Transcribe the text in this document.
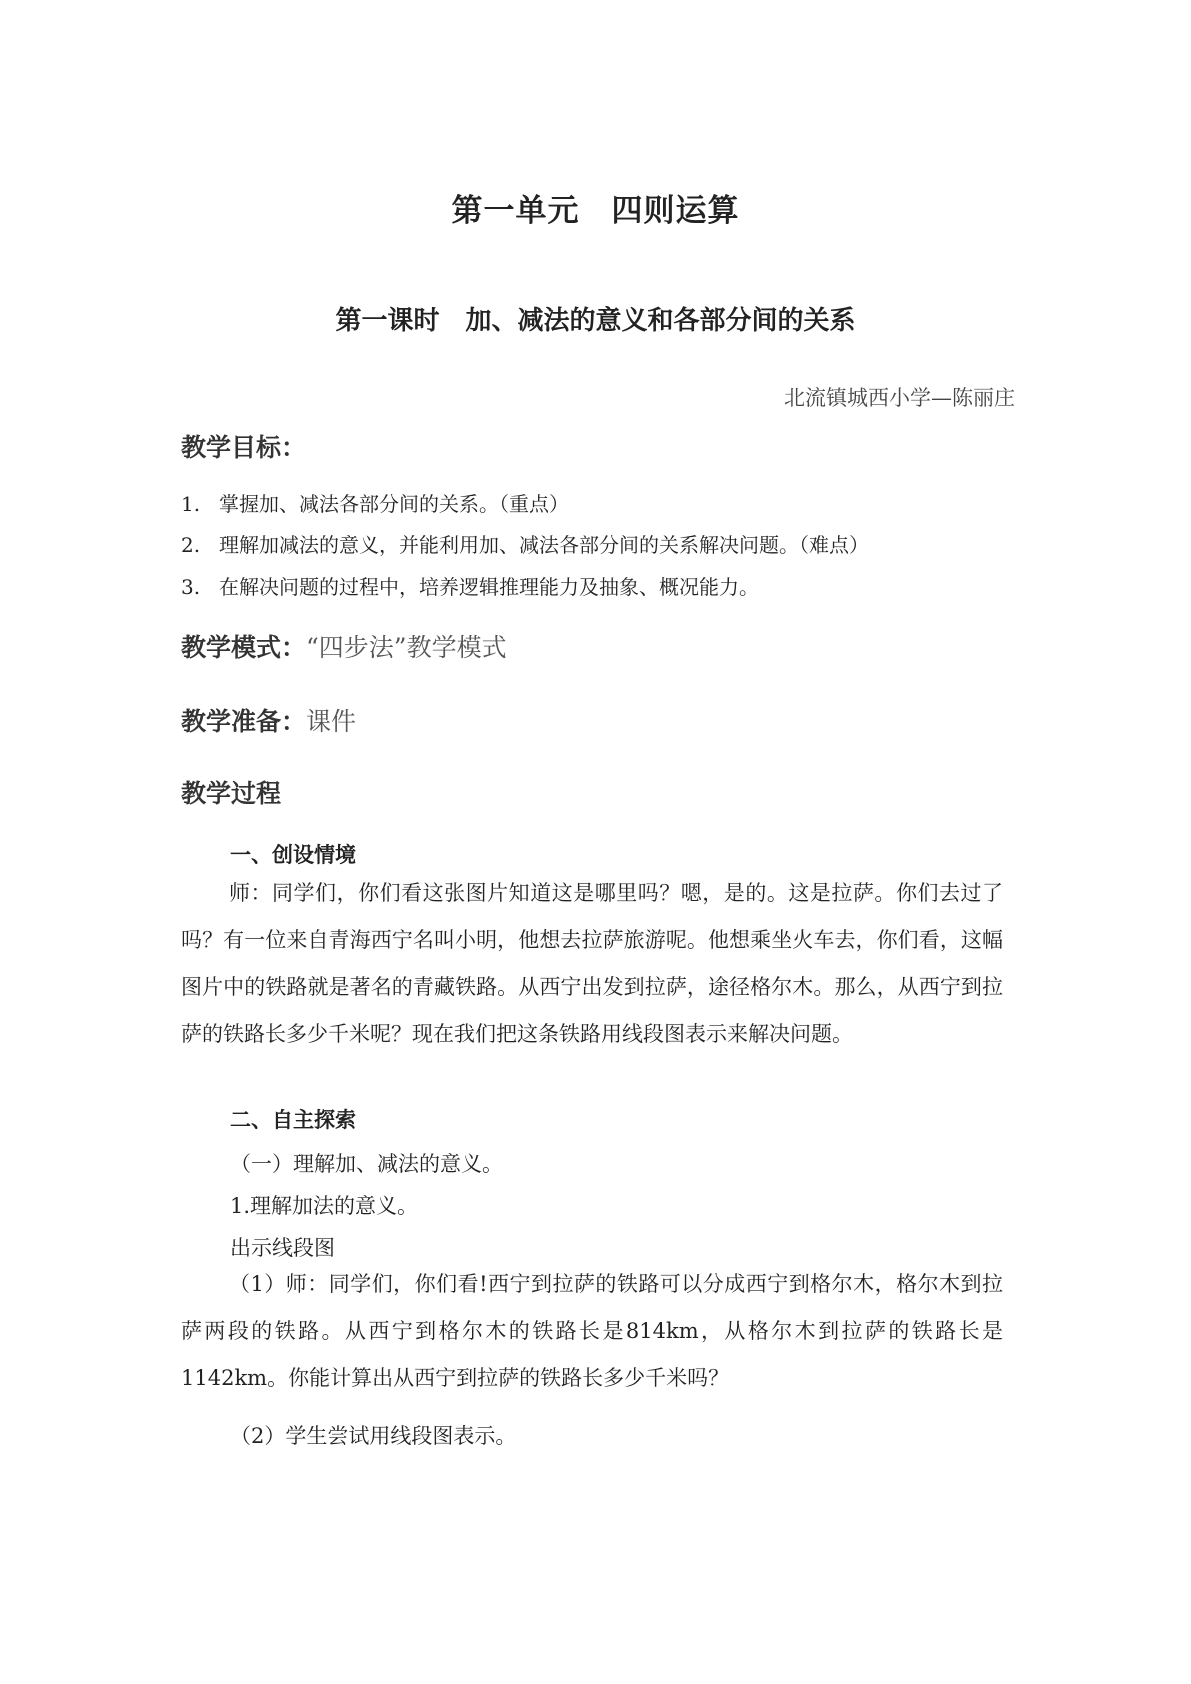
第一单元　四则运算
第一课时　加、减法的意义和各部分间的关系
北流镇城西小学—陈丽庄
教学目标：
1. 掌握加、减法各部分间的关系。（重点）
2. 理解加减法的意义，并能利用加、减法各部分间的关系解决问题。（难点）
3. 在解决问题的过程中，培养逻辑推理能力及抽象、概况能力。
教学模式：“四步法”教学模式
教学准备：课件
教学过程
一、创设情境
师：同学们，你们看这张图片知道这是哪里吗？嗯，是的。这是拉萨。你们去过了吗？有一位来自青海西宁名叫小明，他想去拉萨旅游呢。他想乘坐火车去，你们看，这幅图片中的铁路就是著名的青藏铁路。从西宁出发到拉萨，途径格尔木。那么，从西宁到拉萨的铁路长多少千米呢？现在我们把这条铁路用线段图表示来解决问题。
二、自主探索
（一）理解加、减法的意义。
1.理解加法的意义。
出示线段图
（1）师：同学们，你们看!西宁到拉萨的铁路可以分成西宁到格尔木，格尔木到拉萨两段的铁路。从西宁到格尔木的铁路长是814km，从格尔木到拉萨的铁路长是1142km。你能计算出从西宁到拉萨的铁路长多少千米吗？
（2）学生尝试用线段图表示。
